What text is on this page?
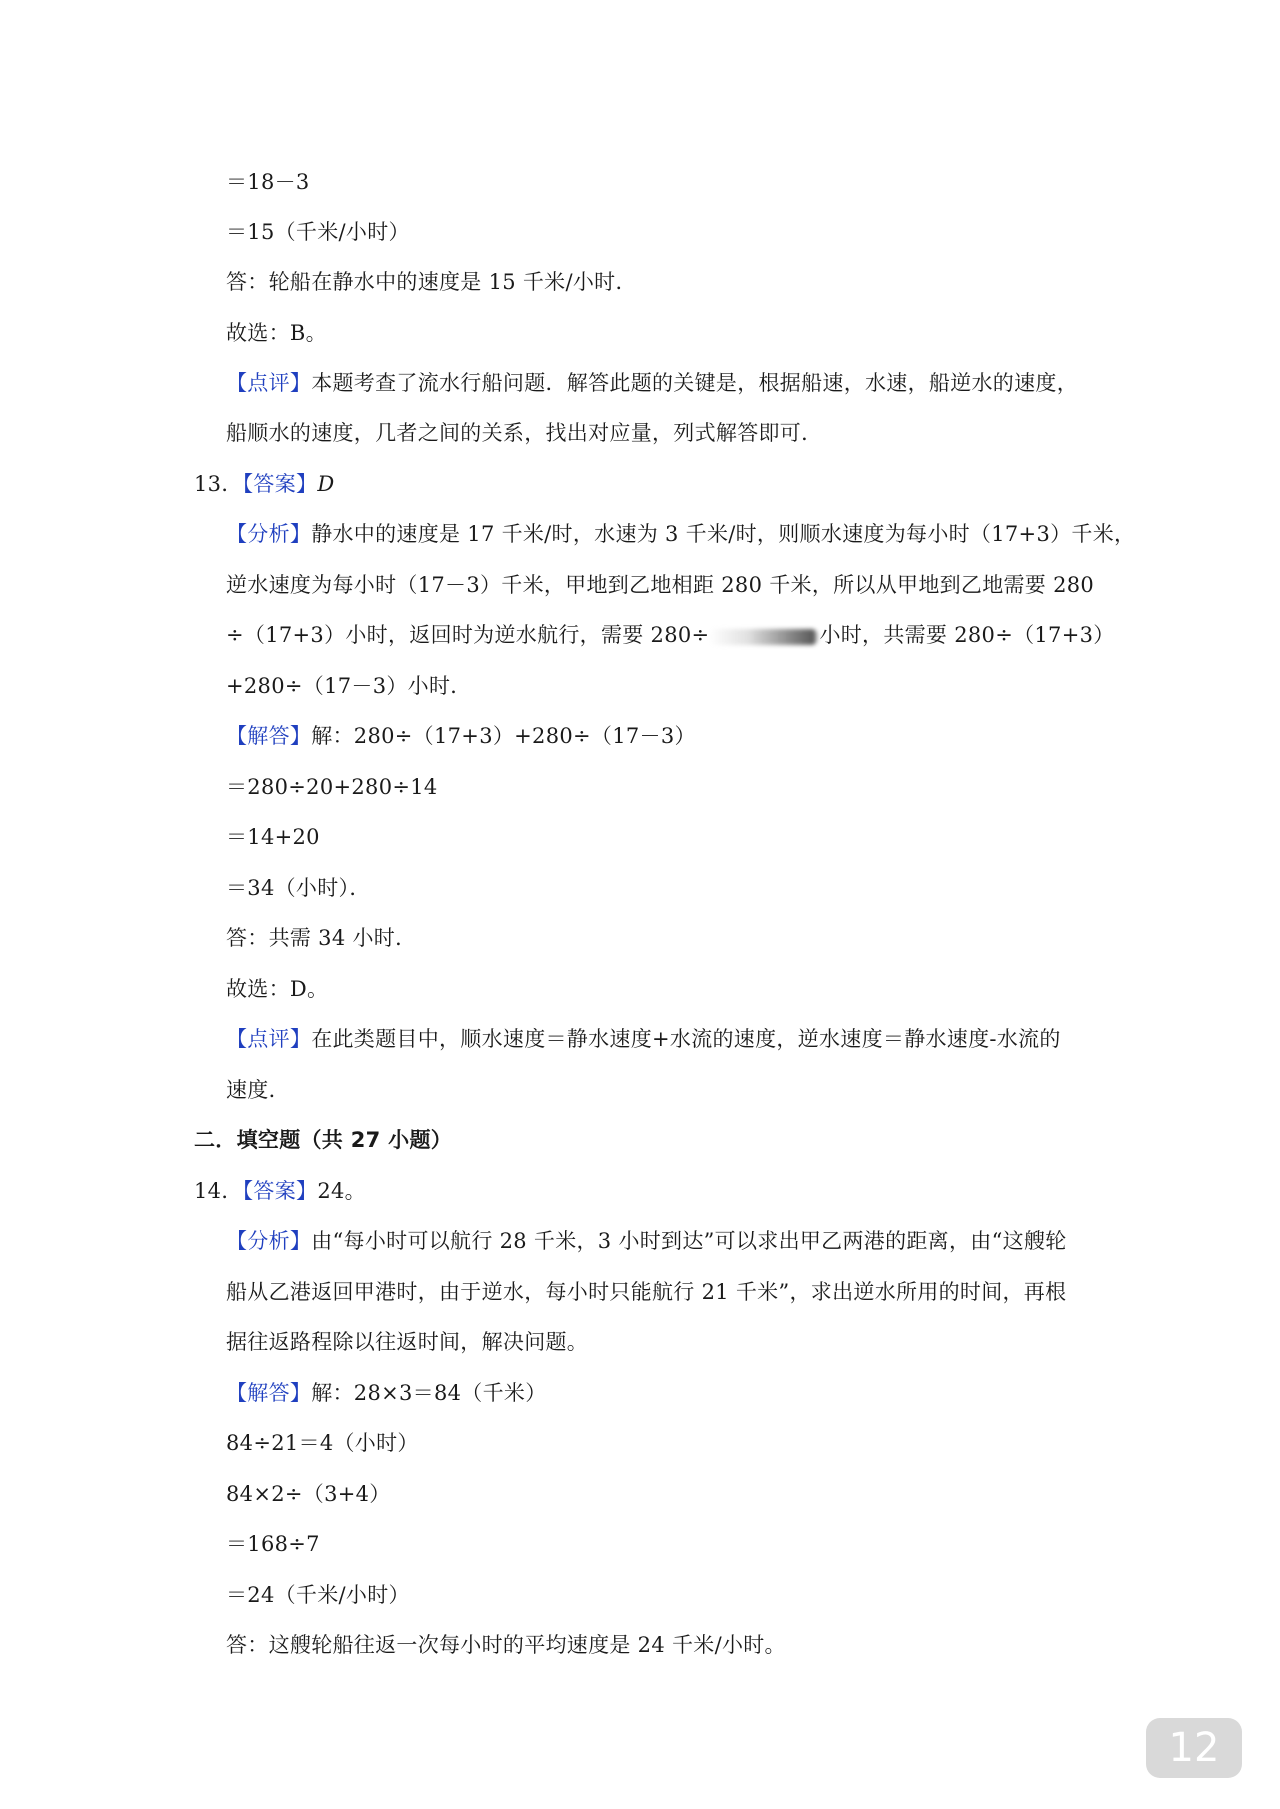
＝18－3
＝15（千米/小时）
答：轮船在静水中的速度是 15 千米/小时．
故选：B。
【点评】本题考查了流水行船问题．解答此题的关键是，根据船速，水速，船逆水的速度，
船顺水的速度，几者之间的关系，找出对应量，列式解答即可．
13．【答案】D
【分析】静水中的速度是 17 千米/时，水速为 3 千米/时，则顺水速度为每小时（17+3）千米，
逆水速度为每小时（17－3）千米，甲地到乙地相距 280 千米，所以从甲地到乙地需要 280
÷（17+3）小时，返回时为逆水航行，需要 280÷	小时，共需要 280÷（17+3）
+280÷（17－3）小时．
【解答】解：280÷（17+3）+280÷（17－3）
＝280÷20+280÷14
＝14+20
＝34（小时）．
答：共需 34 小时．
故选：D。
【点评】在此类题目中，顺水速度＝静水速度+水流的速度，逆水速度＝静水速度-水流的
速度．
二．填空题（共 27 小题）
14．【答案】24。
【分析】由“每小时可以航行 28 千米，3 小时到达”可以求出甲乙两港的距离，由“这艘轮
船从乙港返回甲港时，由于逆水，每小时只能航行 21 千米”，求出逆水所用的时间，再根
据往返路程除以往返时间，解决问题。
【解答】解：28×3＝84（千米）
84÷21＝4（小时）
84×2÷（3+4）
＝168÷7
＝24（千米/小时）
答：这艘轮船往返一次每小时的平均速度是 24 千米/小时。
12
